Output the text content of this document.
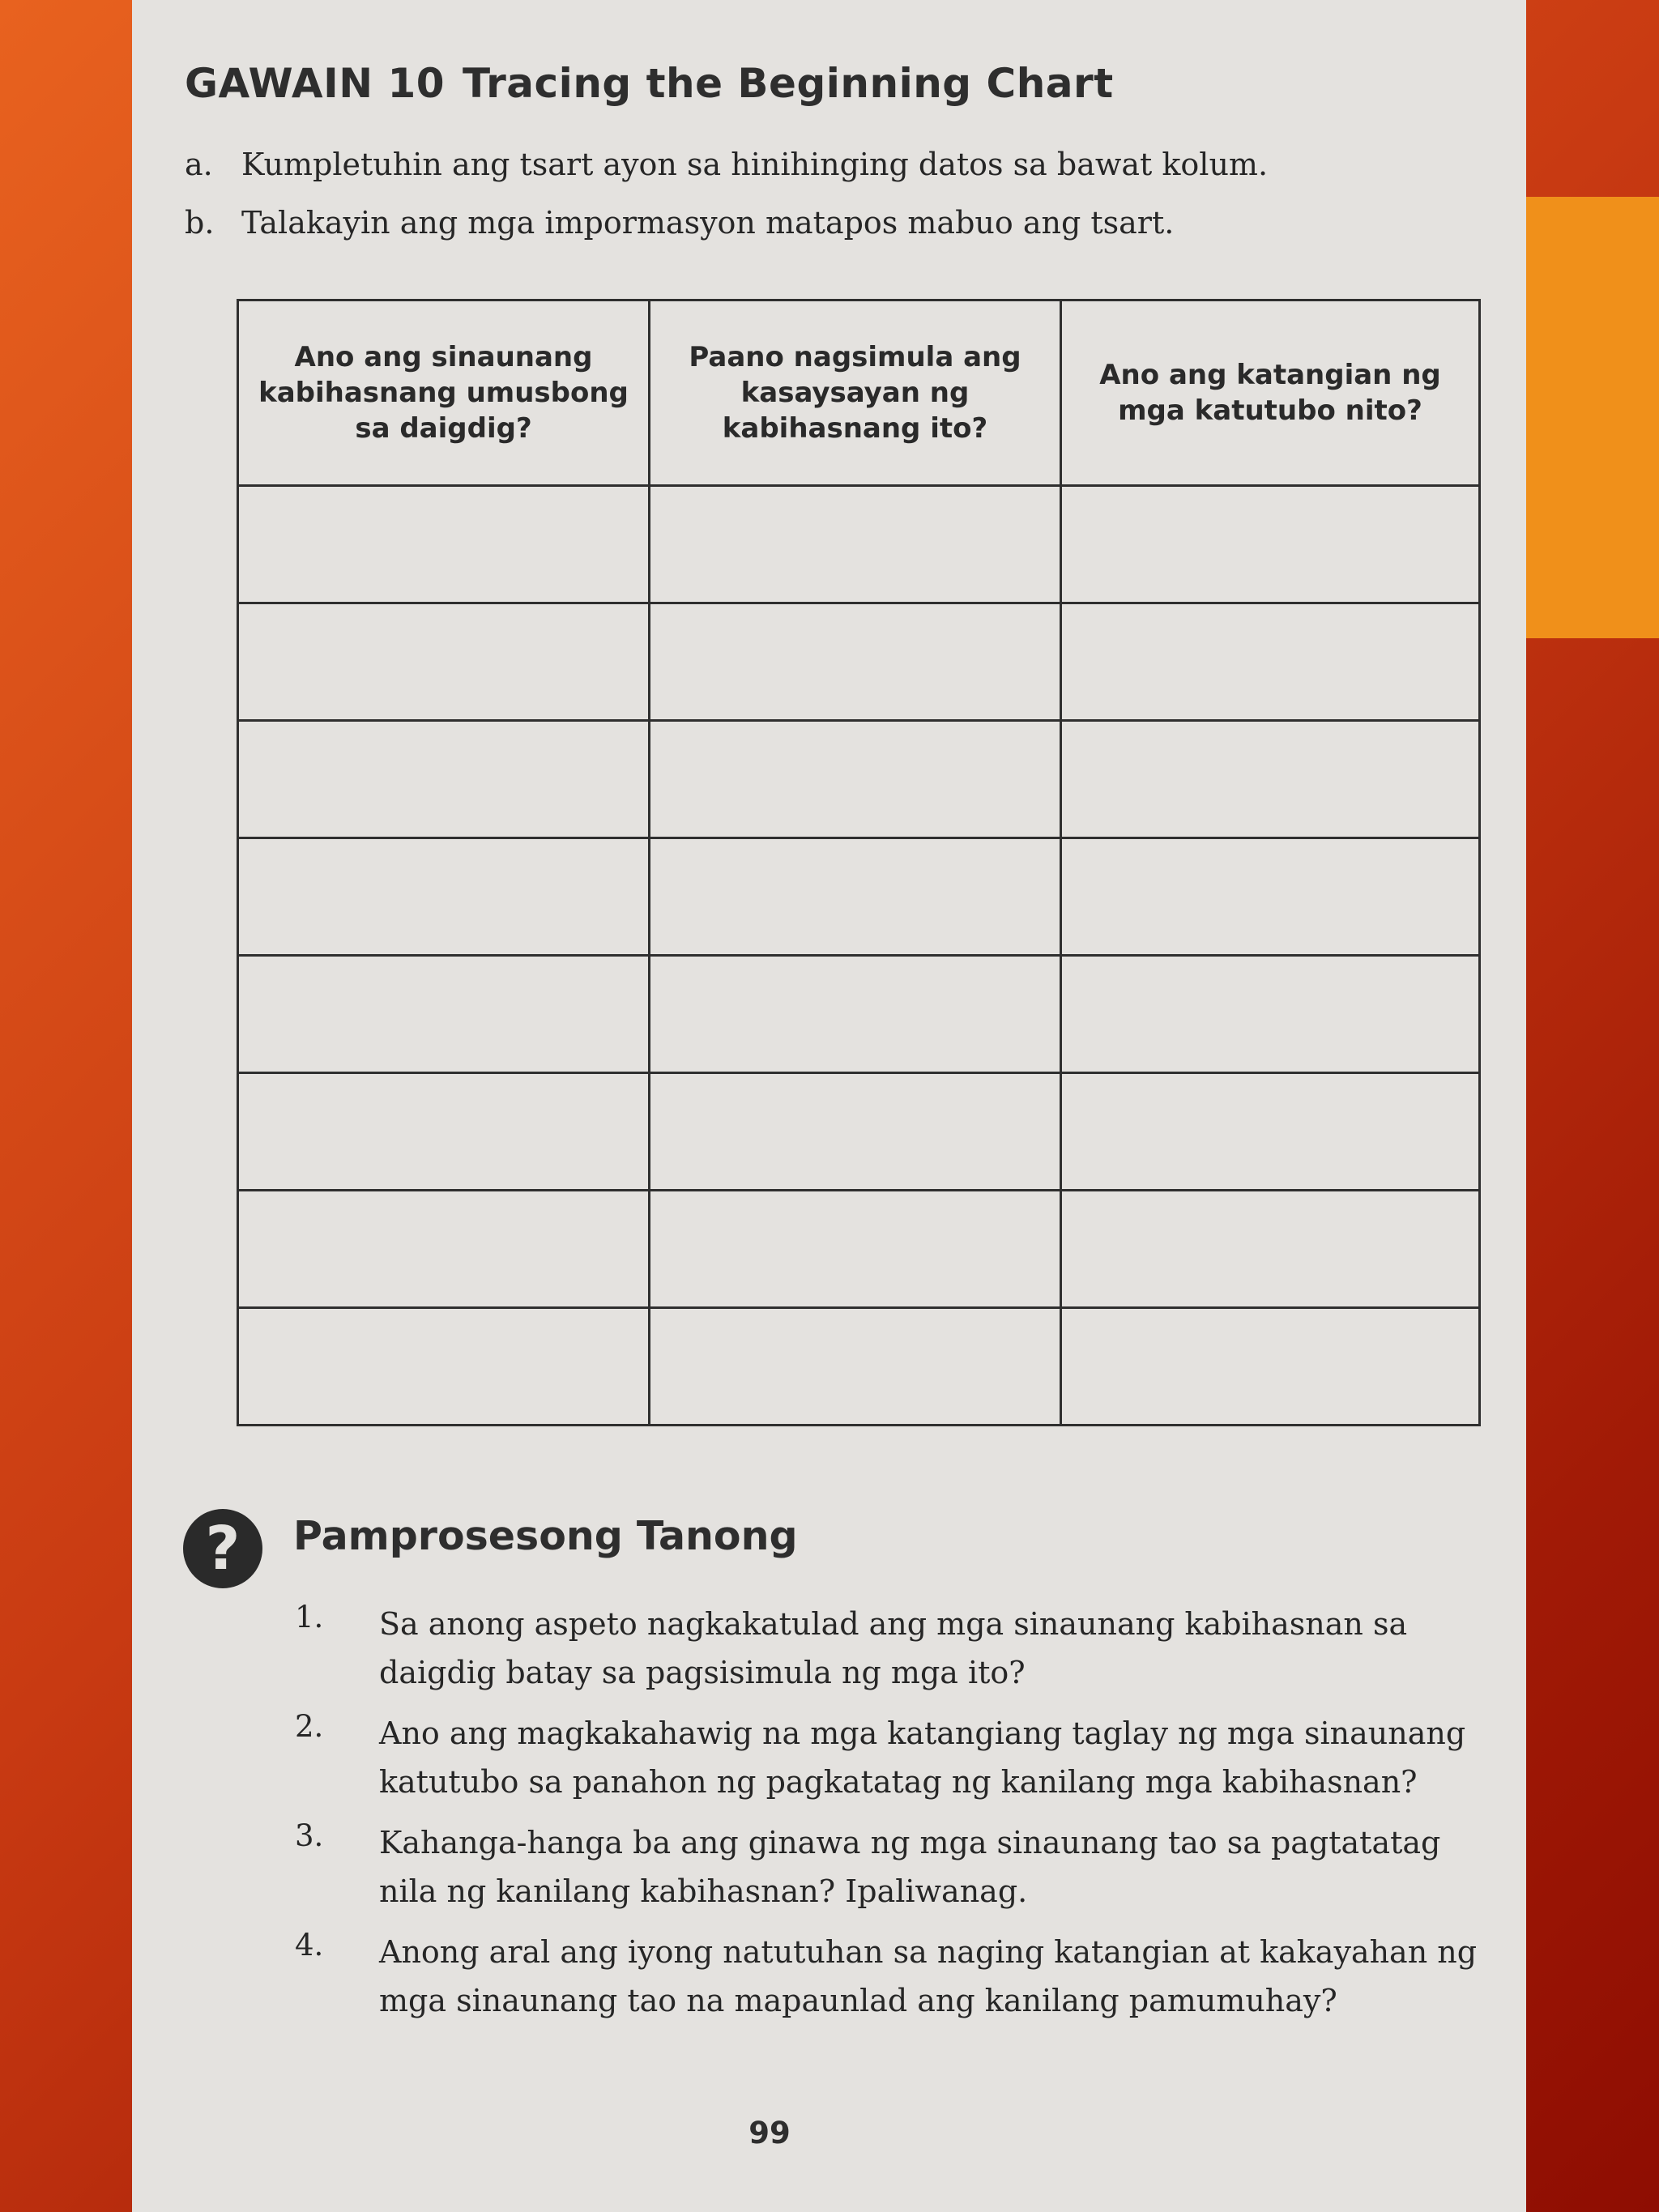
GAWAIN 10 Tracing the Beginning Chart

a. Kumpletuhin ang tsart ayon sa hinihinging datos sa bawat kolum.

b. Talakayin ang mga impormasyon matapos mabuo ang tsart.

Ano ang sinaunang kabihasnang umusbong sa daigdig?	Paano nagsimula ang kasaysayan ng kabihasnang ito?	Ano ang katangian ng mga katutubo nito?

?	Pamprosesong Tanong
1. Sa anong aspeto nagkakatulad ang mga sinaunang kabihasnan sa daigdig batay sa pagsisimula ng mga ito?
2. Ano ang magkakahawig na mga katangiang taglay ng mga sinaunang katutubo sa panahon ng pagkatatag ng kanilang mga kabihasnan?
3. Kahanga-hanga ba ang ginawa ng mga sinaunang tao sa pagtatatag nila ng kanilang kabihasnan? Ipaliwanag.
4. Anong aral ang iyong natutuhan sa naging katangian at kakayahan ng mga sinaunang tao na mapaunlad ang kanilang pamumuhay?
99
